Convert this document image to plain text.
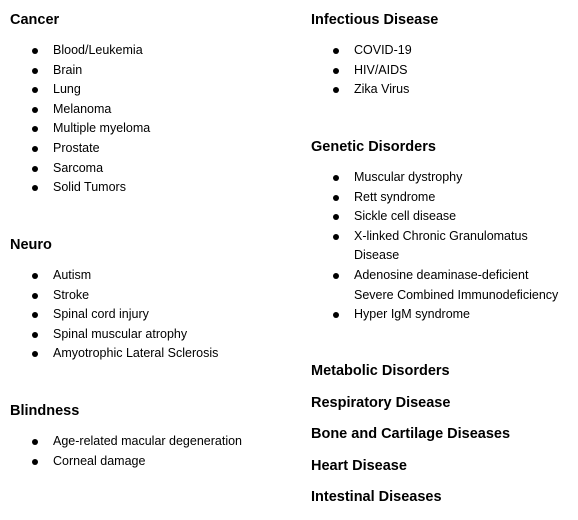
Cancer
Blood/Leukemia
Brain
Lung
Melanoma
Multiple myeloma
Prostate
Sarcoma
Solid Tumors
Neuro
Autism
Stroke
Spinal cord injury
Spinal muscular atrophy
Amyotrophic Lateral Sclerosis
Blindness
Age-related macular degeneration
Corneal damage
Infectious Disease
COVID-19
HIV/AIDS
Zika Virus
Genetic Disorders
Muscular dystrophy
Rett syndrome
Sickle cell disease
X-linked Chronic Granulomatus
Disease
Adenosine deaminase-deficient
Severe Combined Immunodeficiency
Hyper IgM syndrome
Metabolic Disorders
Respiratory Disease
Bone and Cartilage Diseases
Heart Disease
Intestinal Diseases
